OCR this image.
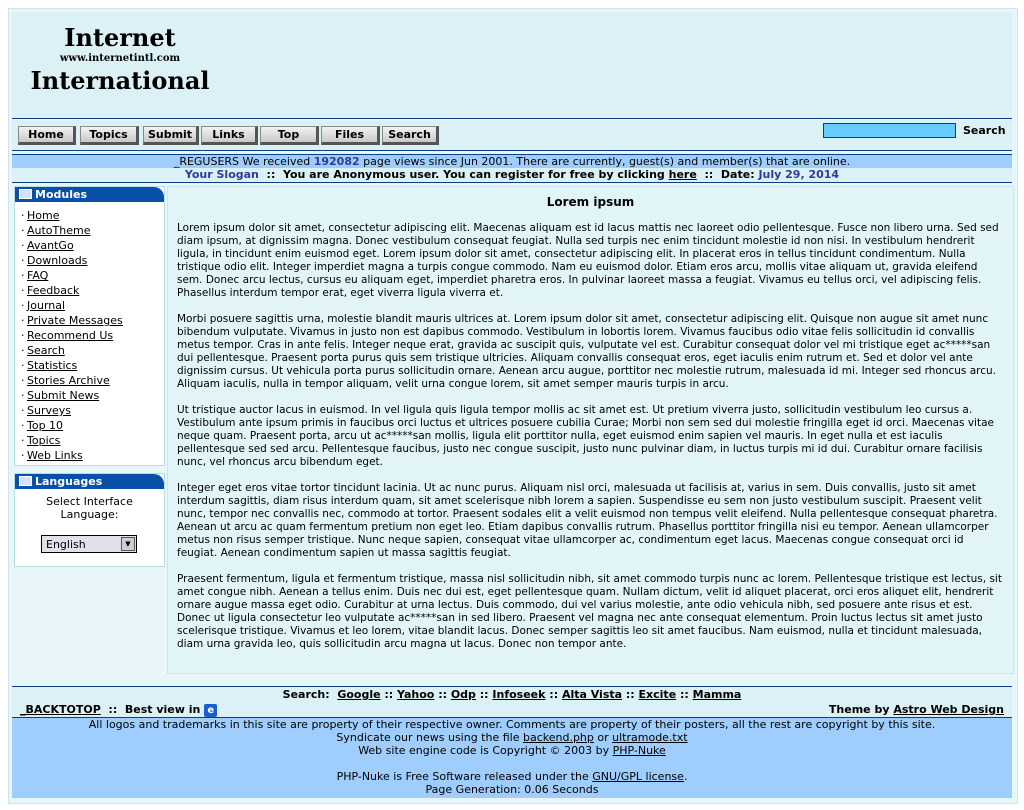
Internet
www.internetintl.com
International
Home	Topics	Submit	Links	Top	Files	Search	Search
_REGUSERS We received 192082 page views since Jun 2001. There are currently, guest(s) and member(s) that are online.
Your Slogan  ::  You are Anonymous user. You can register for free by clicking here  ::  Date: July 29, 2014
Modules
· Home
· AutoTheme
· AvantGo
· Downloads
· FAQ
· Feedback
· Journal
· Private Messages
· Recommend Us
· Search
· Statistics
· Stories Archive
· Submit News
· Surveys
· Top 10
· Topics
· Web Links
Languages
Select Interface Language:
English	▼
Lorem ipsum

Lorem ipsum dolor sit amet, consectetur adipiscing elit. Maecenas aliquam est id lacus mattis nec laoreet odio pellentesque. Fusce non libero urna. Sed sed diam ipsum, at dignissim magna. Donec vestibulum consequat feugiat. Nulla sed turpis nec enim tincidunt molestie id non nisi. In vestibulum hendrerit ligula, in tincidunt enim euismod eget. Lorem ipsum dolor sit amet, consectetur adipiscing elit. In placerat eros in tellus tincidunt condimentum. Nulla tristique odio elit. Integer imperdiet magna a turpis congue commodo. Nam eu euismod dolor. Etiam eros arcu, mollis vitae aliquam ut, gravida eleifend sem. Donec arcu lectus, cursus eu aliquam eget, imperdiet pharetra eros. In pulvinar laoreet massa a feugiat. Vivamus eu tellus orci, vel adipiscing felis. Phasellus interdum tempor erat, eget viverra ligula viverra et.

Morbi posuere sagittis urna, molestie blandit mauris ultrices at. Lorem ipsum dolor sit amet, consectetur adipiscing elit. Quisque non augue sit amet nunc bibendum vulputate. Vivamus in justo non est dapibus commodo. Vestibulum in lobortis lorem. Vivamus faucibus odio vitae felis sollicitudin id convallis metus tempor. Cras in ante felis. Integer neque erat, gravida ac suscipit quis, vulputate vel est. Curabitur consequat dolor vel mi tristique eget ac*****san dui pellentesque. Praesent porta purus quis sem tristique ultricies. Aliquam convallis consequat eros, eget iaculis enim rutrum et. Sed et dolor vel ante dignissim cursus. Ut vehicula porta purus sollicitudin ornare. Aenean arcu augue, porttitor nec molestie rutrum, malesuada id mi. Integer sed rhoncus arcu. Aliquam iaculis, nulla in tempor aliquam, velit urna congue lorem, sit amet semper mauris turpis in arcu.

Ut tristique auctor lacus in euismod. In vel ligula quis ligula tempor mollis ac sit amet est. Ut pretium viverra justo, sollicitudin vestibulum leo cursus a. Vestibulum ante ipsum primis in faucibus orci luctus et ultrices posuere cubilia Curae; Morbi non sem sed dui molestie fringilla eget id orci. Maecenas vitae neque quam. Praesent porta, arcu ut ac*****san mollis, ligula elit porttitor nulla, eget euismod enim sapien vel mauris. In eget nulla et est iaculis pellentesque sed sed arcu. Pellentesque faucibus, justo nec congue suscipit, justo nunc pulvinar diam, in luctus turpis mi id dui. Curabitur ornare facilisis nunc, vel rhoncus arcu bibendum eget.

Integer eget eros vitae tortor tincidunt lacinia. Ut ac nunc purus. Aliquam nisl orci, malesuada ut facilisis at, varius in sem. Duis convallis, justo sit amet interdum sagittis, diam risus interdum quam, sit amet scelerisque nibh lorem a sapien. Suspendisse eu sem non justo vestibulum suscipit. Praesent velit nunc, tempor nec convallis nec, commodo at tortor. Praesent sodales elit a velit euismod non tempus velit eleifend. Nulla pellentesque consequat pharetra. Aenean ut arcu ac quam fermentum pretium non eget leo. Etiam dapibus convallis rutrum. Phasellus porttitor fringilla nisi eu tempor. Aenean ullamcorper metus non risus semper tristique. Nunc neque sapien, consequat vitae ullamcorper ac, condimentum eget lacus. Maecenas congue consequat orci id feugiat. Aenean condimentum sapien ut massa sagittis feugiat.

Praesent fermentum, ligula et fermentum tristique, massa nisl sollicitudin nibh, sit amet commodo turpis nunc ac lorem. Pellentesque tristique est lectus, sit amet congue nibh. Aenean a tellus enim. Duis nec dui est, eget pellentesque quam. Nullam dictum, velit id aliquet placerat, orci eros aliquet elit, hendrerit ornare augue massa eget odio. Curabitur at urna lectus. Duis commodo, dui vel varius molestie, ante odio vehicula nibh, sed posuere ante risus et est. Donec ut ligula consectetur leo vulputate ac*****san in sed libero. Praesent vel magna nec ante consequat elementum. Proin luctus lectus sit amet justo scelerisque tristique. Vivamus et leo lorem, vitae blandit lacus. Donec semper sagittis leo sit amet faucibus. Nam euismod, nulla et tincidunt malesuada, diam urna gravida leo, quis sollicitudin arcu magna ut lacus. Donec non tempor ante.

Search: Google :: Yahoo :: Odp :: Infoseek :: Alta Vista :: Excite :: Mamma
_BACKTOTOP  ::  Best view in e	Theme by Astro Web Design
All logos and trademarks in this site are property of their respective owner. Comments are property of their posters, all the rest are copyright by this site.
Syndicate our news using the file backend.php or ultramode.txt
Web site engine code is Copyright © 2003 by PHP-Nuke
PHP-Nuke is Free Software released under the GNU/GPL license.
Page Generation: 0.06 Seconds
